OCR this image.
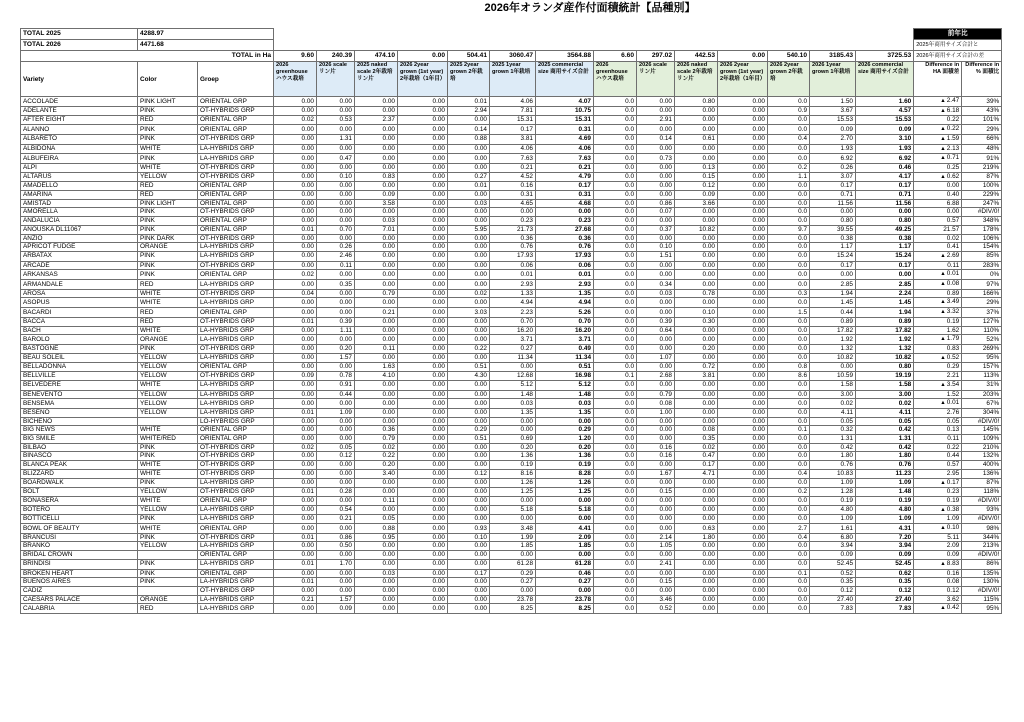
2026年オランダ産作付面積統計【品種別】
TOTAL 2025	4288.97																前年比	
TOTAL 2026	4471.68																2025年商用サイズ合計と	
TOTAL in Ha			9.60	240.39	474.10	0.00	504.41	3060.47	3564.88	6.60	297.02	442.53	0.00	540.10	3185.43	3725.53	2026年商用サイズ合計の差	
Variety	Color	Groep	2026 greenhouse ハウス栽培	2026 scale リン片	2025 naked scale 2年栽培リン片	2026 2year grown (1st year) 2年栽培（1年目）	2025 2year grown 2年栽培	2025 1year grown 1年栽培	2025 commercial size 商用サイズ合計	2026 greenhouse ハウス栽培	2026 scale リン片	2026 naked scale 2年栽培リン片	2026 2year grown (1st year) 2年栽培（1年目）	2026 2year grown 2年栽培	2026 1year grown 1年栽培	2026 commercial size 商用サイズ合計	Difference in HA 面積差	Difference in % 面積比
ACCOLADE	PINK LIGHT	ORIENTAL GRP	0.00	0.00	0.00	0.00	0.01	4.06	4.07	0.0	0.00	0.80	0.00	0.0	1.50	1.60	▲2.47	39%
ADELANTE	PINK	OT-HYBRIDS GRP	0.00	0.00	0.00	0.00	2.94	7.81	10.75	0.0	0.00	0.00	0.00	0.9	3.67	4.57	▲6.18	43%
AFTER EIGHT	RED	ORIENTAL GRP	0.02	0.53	2.37	0.00	0.00	15.31	15.31	0.0	2.91	0.00	0.00	0.0	15.53	15.53	0.22	101%
ALANNO	PINK	ORIENTAL GRP	0.00	0.00	0.00	0.00	0.14	0.17	0.31	0.0	0.00	0.00	0.00	0.0	0.09	0.09	▲0.22	29%
ALBARETO	PINK	OT-HYBRIDS GRP	0.00	1.31	0.00	0.00	0.88	3.81	4.69	0.0	0.14	0.61	0.00	0.4	2.70	3.10	▲1.59	66%
ALBIDONA	WHITE	LA-HYBRIDS GRP	0.00	0.00	0.00	0.00	0.00	4.06	4.06	0.0	0.00	0.00	0.00	0.0	1.93	1.93	▲2.13	48%
ALBUFEIRA	PINK	LA-HYBRIDS GRP	0.00	0.47	0.00	0.00	0.00	7.63	7.63	0.0	0.73	0.00	0.00	0.0	6.92	6.92	▲0.71	91%
ALPI	WHITE	OT-HYBRIDS GRP	0.00	0.00	0.00	0.00	0.00	0.21	0.21	0.0	0.00	0.13	0.00	0.2	0.26	0.46	0.25	219%
ALTARUS	YELLOW	OT-HYBRIDS GRP	0.00	0.10	0.83	0.00	0.27	4.52	4.79	0.0	0.00	0.15	0.00	1.1	3.07	4.17	▲0.62	87%
AMADELLO	RED	ORIENTAL GRP	0.00	0.00	0.00	0.00	0.01	0.16	0.17	0.0	0.00	0.12	0.00	0.0	0.17	0.17	0.00	100%
AMARINA	RED	ORIENTAL GRP	0.00	0.00	0.09	0.00	0.00	0.31	0.31	0.0	0.00	0.09	0.00	0.0	0.71	0.71	0.40	229%
AMISTAD	PINK LIGHT	ORIENTAL GRP	0.00	0.00	3.58	0.00	0.03	4.65	4.68	0.0	0.86	3.66	0.00	0.0	11.56	11.56	6.88	247%
AMORELLA	PINK	OT-HYBRIDS GRP	0.00	0.00	0.00	0.00	0.00	0.00	0.00	0.0	0.07	0.00	0.00	0.0	0.00	0.00	0.00	#DIV/0!
ANDALUCIA	PINK	ORIENTAL GRP	0.00	0.00	0.03	0.00	0.00	0.23	0.23	0.0	0.00	0.00	0.00	0.0	0.80	0.80	0.57	348%
ANOUSKA DL11067	PINK	ORIENTAL GRP	0.01	0.70	7.01	0.00	5.95	21.73	27.68	0.0	0.37	10.82	0.00	9.7	39.55	49.25	21.57	178%
ANZIO	PINK DARK	OT-HYBRIDS GRP	0.00	0.00	0.00	0.00	0.00	0.36	0.36	0.0	0.00	0.00	0.00	0.0	0.38	0.38	0.02	106%
APRICOT FUDGE	ORANGE	LA-HYBRIDS GRP	0.00	0.26	0.00	0.00	0.00	0.76	0.76	0.0	0.10	0.00	0.00	0.0	1.17	1.17	0.41	154%
ARBATAX	PINK	LA-HYBRIDS GRP	0.00	2.46	0.00	0.00	0.00	17.93	17.93	0.0	1.51	0.00	0.00	0.0	15.24	15.24	▲2.69	85%
ARCADE	PINK	OT-HYBRIDS GRP	0.00	0.11	0.00	0.00	0.00	0.06	0.06	0.0	0.00	0.00	0.00	0.0	0.17	0.17	0.11	283%
ARKANSAS	PINK	ORIENTAL GRP	0.02	0.00	0.00	0.00	0.00	0.01	0.01	0.0	0.00	0.00	0.00	0.0	0.00	0.00	▲0.01	0%
ARMANDALE	RED	LA-HYBRIDS GRP	0.00	0.35	0.00	0.00	0.00	2.93	2.93	0.0	0.34	0.00	0.00	0.0	2.85	2.85	▲0.08	97%
AROSA	WHITE	OT-HYBRIDS GRP	0.04	0.00	0.79	0.00	0.02	1.33	1.35	0.0	0.03	0.78	0.00	0.3	1.94	2.24	0.89	166%
ASOPUS	WHITE	LA-HYBRIDS GRP	0.00	0.00	0.00	0.00	0.00	4.94	4.94	0.0	0.00	0.00	0.00	0.0	1.45	1.45	▲3.49	29%
BACARDI	RED	ORIENTAL GRP	0.00	0.00	0.21	0.00	3.03	2.23	5.26	0.0	0.00	0.10	0.00	1.5	0.44	1.94	▲3.32	37%
BACCA	RED	OT-HYBRIDS GRP	0.01	0.39	0.00	0.00	0.00	0.70	0.70	0.0	0.39	0.30	0.00	0.0	0.89	0.89	0.19	127%
BACH	WHITE	LA-HYBRIDS GRP	0.00	1.11	0.00	0.00	0.00	16.20	16.20	0.0	0.64	0.00	0.00	0.0	17.82	17.82	1.62	110%
BAROLO	ORANGE	LA-HYBRIDS GRP	0.00	0.00	0.00	0.00	0.00	3.71	3.71	0.0	0.00	0.00	0.00	0.0	1.92	1.92	▲1.79	52%
BASTOGNE	PINK	OT-HYBRIDS GRP	0.00	0.20	0.11	0.00	0.22	0.27	0.49	0.0	0.00	0.20	0.00	0.0	1.32	1.32	0.83	269%
BEAU SOLEIL	YELLOW	LA-HYBRIDS GRP	0.00	1.57	0.00	0.00	0.00	11.34	11.34	0.0	1.07	0.00	0.00	0.0	10.82	10.82	▲0.52	95%
BELLADONNA	YELLOW	ORIENTAL GRP	0.00	0.00	1.63	0.00	0.51	0.00	0.51	0.0	0.00	0.72	0.00	0.8	0.00	0.80	0.29	157%
BELLVILLE	YELLOW	OT-HYBRIDS GRP	0.09	0.78	4.10	0.00	4.30	12.68	16.98	0.1	2.68	3.81	0.00	8.6	10.59	19.19	2.21	113%
BELVEDERE	WHITE	LA-HYBRIDS GRP	0.00	0.91	0.00	0.00	0.00	5.12	5.12	0.0	0.00	0.00	0.00	0.0	1.58	1.58	▲3.54	31%
BENEVENTO	YELLOW	LA-HYBRIDS GRP	0.00	0.44	0.00	0.00	0.00	1.48	1.48	0.0	0.79	0.00	0.00	0.0	3.00	3.00	1.52	203%
BENSEMA	YELLOW	LA-HYBRIDS GRP	0.00	0.00	0.00	0.00	0.00	0.03	0.03	0.0	0.08	0.00	0.00	0.0	0.02	0.02	▲0.01	67%
BESENO	YELLOW	LA-HYBRIDS GRP	0.01	1.09	0.00	0.00	0.00	1.35	1.35	0.0	1.00	0.00	0.00	0.0	4.11	4.11	2.76	304%
BICHENO		LO-HYBRIDS GRP	0.00	0.00	0.00	0.00	0.00	0.00	0.00	0.0	0.00	0.00	0.00	0.0	0.05	0.05	0.05	#DIV/0!
BIG NEWS	WHITE	ORIENTAL GRP	0.00	0.00	0.36	0.00	0.29	0.00	0.29	0.0	0.00	0.08	0.00	0.1	0.32	0.42	0.13	145%
BIG SMILE	WHITE/RED	ORIENTAL GRP	0.00	0.00	0.79	0.00	0.51	0.69	1.20	0.0	0.00	0.35	0.00	0.0	1.31	1.31	0.11	109%
BILBAO	PINK	OT-HYBRIDS GRP	0.02	0.05	0.02	0.00	0.00	0.20	0.20	0.0	0.16	0.02	0.00	0.0	0.42	0.42	0.22	210%
BINASCO	PINK	OT-HYBRIDS GRP	0.00	0.12	0.22	0.00	0.00	1.36	1.36	0.0	0.16	0.47	0.00	0.0	1.80	1.80	0.44	132%
BLANCA PEAK	WHITE	OT-HYBRIDS GRP	0.00	0.00	0.20	0.00	0.00	0.19	0.19	0.0	0.00	0.17	0.00	0.0	0.76	0.76	0.57	400%
BLIZZARD	WHITE	OT-HYBRIDS GRP	0.00	0.00	3.40	0.00	0.12	8.16	8.28	0.0	1.67	4.71	0.00	0.4	10.83	11.23	2.95	136%
BOARDWALK	PINK	LA-HYBRIDS GRP	0.00	0.00	0.00	0.00	0.00	1.26	1.26	0.0	0.00	0.00	0.00	0.0	1.09	1.09	▲0.17	87%
BOLT	YELLOW	OT-HYBRIDS GRP	0.01	0.28	0.00	0.00	0.00	1.25	1.25	0.0	0.15	0.00	0.00	0.2	1.28	1.48	0.23	118%
BONASERA	WHITE	ORIENTAL GRP	0.00	0.00	0.11	0.00	0.00	0.00	0.00	0.0	0.00	0.00	0.00	0.0	0.19	0.19	0.19	#DIV/0!
BOTERO	YELLOW	LA-HYBRIDS GRP	0.00	0.54	0.00	0.00	0.00	5.18	5.18	0.0	0.00	0.00	0.00	0.0	4.80	4.80	▲0.38	93%
BOTTICELLI	PINK	LA-HYBRIDS GRP	0.00	0.21	0.05	0.00	0.00	0.00	0.00	0.0	0.00	0.00	0.00	0.0	1.09	1.09	1.09	#DIV/0!
BOWL OF BEAUTY	WHITE	ORIENTAL GRP	0.00	0.00	0.88	0.00	0.93	3.48	4.41	0.0	0.00	0.63	0.00	2.7	1.61	4.31	▲0.10	98%
BRANCUSI	PINK	OT-HYBRIDS GRP	0.01	0.86	0.95	0.00	0.10	1.99	2.09	0.0	2.14	1.80	0.00	0.4	6.80	7.20	5.11	344%
BRANKO	YELLOW	LA-HYBRIDS GRP	0.00	0.50	0.00	0.00	0.00	1.85	1.85	0.0	1.05	0.00	0.00	0.0	3.94	3.94	2.09	213%
BRIDAL CROWN		ORIENTAL GRP	0.00	0.00	0.00	0.00	0.00	0.00	0.00	0.0	0.00	0.00	0.00	0.0	0.09	0.09	0.09	#DIV/0!
BRINDISI	PINK	LA-HYBRIDS GRP	0.01	1.70	0.00	0.00	0.00	61.28	61.28	0.0	2.41	0.00	0.00	0.0	52.45	52.45	▲8.83	86%
BROKEN HEART	PINK	ORIENTAL GRP	0.00	0.00	0.03	0.00	0.17	0.29	0.46	0.0	0.00	0.00	0.00	0.1	0.52	0.62	0.16	135%
BUENOS AIRES	PINK	LA-HYBRIDS GRP	0.01	0.00	0.00	0.00	0.00	0.27	0.27	0.0	0.15	0.00	0.00	0.0	0.35	0.35	0.08	130%
CADIZ		OT-HYBRIDS GRP	0.00	0.00	0.00	0.00	0.00	0.00	0.00	0.0	0.00	0.00	0.00	0.0	0.12	0.12	0.12	#DIV/0!
CAESARS PALACE	ORANGE	LA-HYBRIDS GRP	0.21	1.57	0.00	0.00	0.00	23.78	23.78	0.0	3.46	0.00	0.00	0.0	27.40	27.40	3.62	115%
CALABRIA	RED	LA-HYBRIDS GRP	0.00	0.09	0.00	0.00	0.00	8.25	8.25	0.0	0.52	0.00	0.00	0.0	7.83	7.83	▲0.42	95%
